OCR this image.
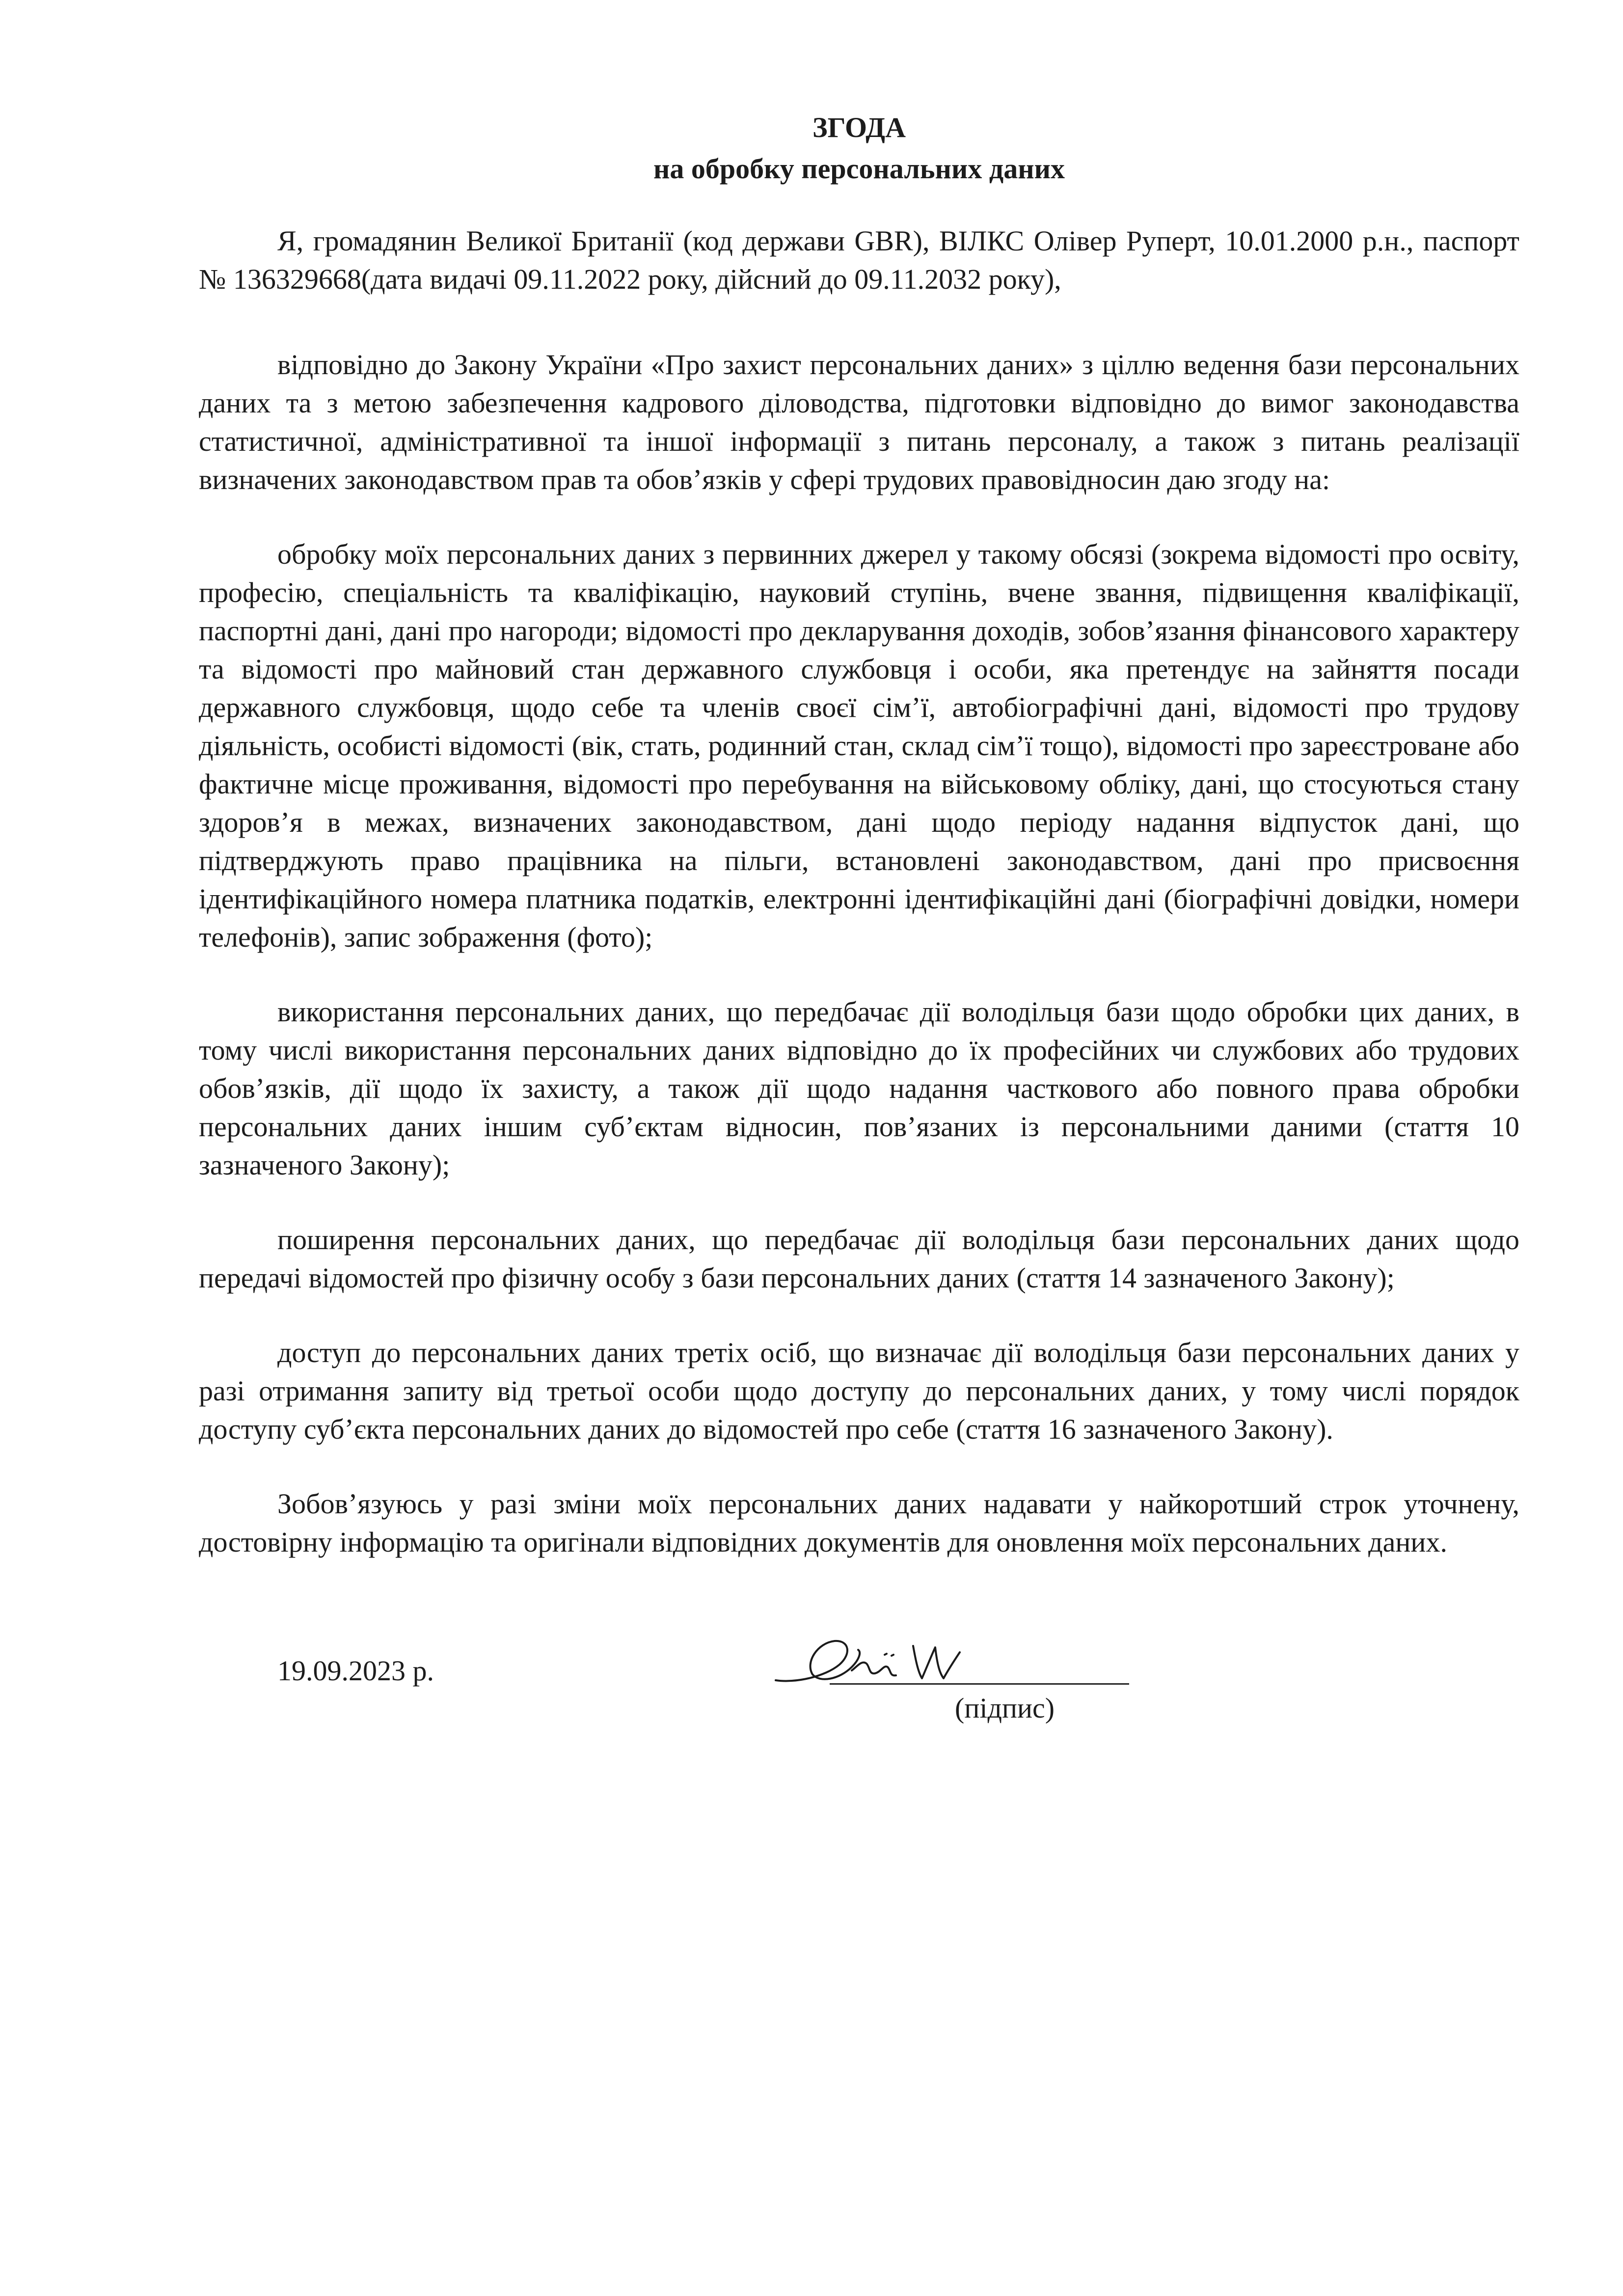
ЗГОДА

на обробку персональних даних

Я, громадянин Великої Британії (код держави GBR), ВІЛКС Олівер Руперт, 10.01.2000 р.н., паспорт № 136329668(дата видачі 09.11.2022 року, дійсний до 09.11.2032 року),

відповідно до Закону України «Про захист персональних даних» з ціллю ведення бази персональних даних та з метою забезпечення кадрового діловодства, підготовки відповідно до вимог законодавства статистичної, адміністративної та іншої інформації з питань персоналу, а також з питань реалізації визначених законодавством прав та обов’язків у сфері трудових правовідносин даю згоду на:

обробку моїх персональних даних з первинних джерел у такому обсязі (зокрема відомості про освіту, професію, спеціальність та кваліфікацію, науковий ступінь, вчене звання, підвищення кваліфікації, паспортні дані, дані про нагороди; відомості про декларування доходів, зобов’язання фінансового характеру та відомості про майновий стан державного службовця і особи, яка претендує на зайняття посади державного службовця, щодо себе та членів своєї сім’ї, автобіографічні дані, відомості про трудову діяльність, особисті відомості (вік, стать, родинний стан, склад сім’ї тощо), відомості про зареєстроване або фактичне місце проживання, відомості про перебування на військовому обліку, дані, що стосуються стану здоров’я в межах, визначених законодавством, дані щодо періоду надання відпусток дані, що підтверджують право працівника на пільги, встановлені законодавством, дані про присвоєння ідентифікаційного номера платника податків, електронні ідентифікаційні дані (біографічні довідки, номери телефонів), запис зображення (фото);

використання персональних даних, що передбачає дії володільця бази щодо обробки цих даних, в тому числі використання персональних даних відповідно до їх професійних чи службових або трудових обов’язків, дії щодо їх захисту, а також дії щодо надання часткового або повного права обробки персональних даних іншим суб’єктам відносин, пов’язаних із персональними даними (стаття 10 зазначеного Закону);

поширення персональних даних, що передбачає дії володільця бази персональних даних щодо передачі відомостей про фізичну особу з бази персональних даних (стаття 14 зазначеного Закону);

доступ до персональних даних третіх осіб, що визначає дії володільця бази персональних даних у разі отримання запиту від третьої особи щодо доступу до персональних даних, у тому числі порядок доступу суб’єкта персональних даних до відомостей про себе (стаття 16 зазначеного Закону).

Зобов’язуюсь у разі зміни моїх персональних даних надавати у найкоротший строк уточнену, достовірну інформацію та оригінали відповідних документів для оновлення моїх персональних даних.

19.09.2023 р.
(підпис)
